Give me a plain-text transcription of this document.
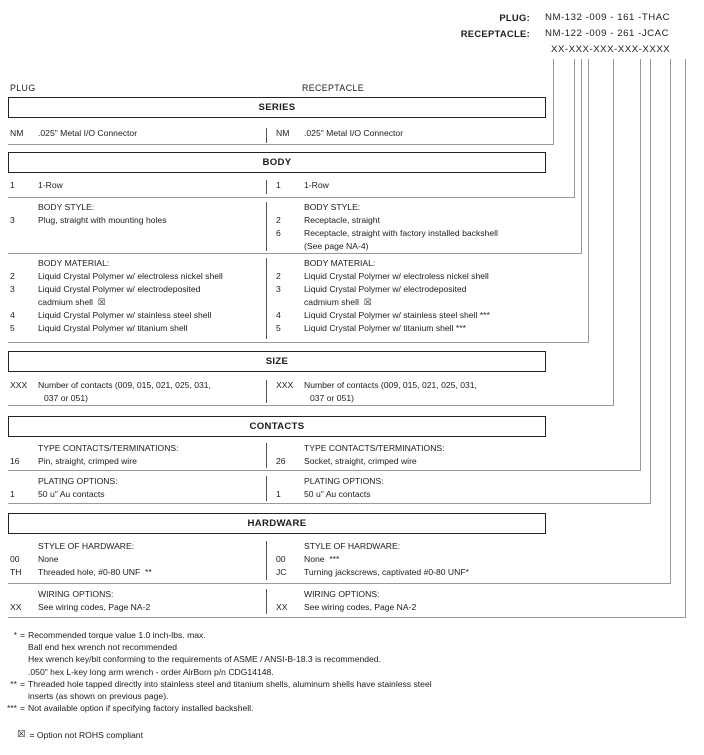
PLUG: NM-132 -009 - 161 -THAC
RECEPTACLE: NM-122 -009 - 261 -JCAC
XX-XXX-XXX-XXX-XXXX
PLUG	RECEPTACLE
SERIES
NM	.025" Metal I/O Connector	NM	.025" Metal I/O Connector
BODY
1	1-Row	1	1-Row
BODY STYLE:
3	Plug, straight with mounting holes
BODY STYLE:
2	Receptacle, straight
6	Receptacle, straight with factory installed backshell
(See page NA-4)
BODY MATERIAL:
2	Liquid Crystal Polymer w/ electroless nickel shell
3	Liquid Crystal Polymer w/ electrodeposited
cadmium shell  ☒
4	Liquid Crystal Polymer w/ stainless steel shell
5	Liquid Crystal Polymer w/ titanium shell
BODY MATERIAL:
2	Liquid Crystal Polymer w/ electroless nickel shell
3	Liquid Crystal Polymer w/ electrodeposited
cadmium shell  ☒
4	Liquid Crystal Polymer w/ stainless steel shell ***
5	Liquid Crystal Polymer w/ titanium shell ***
SIZE
XXX	Number of contacts (009, 015, 021, 025, 031,
037 or 051)
XXX	Number of contacts (009, 015, 021, 025, 031,
037 or 051)
CONTACTS
TYPE CONTACTS/TERMINATIONS:
16	Pin, straight, crimped wire
TYPE CONTACTS/TERMINATIONS:
26	Socket, straight, crimped wire
PLATING OPTIONS:
1	50 u" Au contacts
PLATING OPTIONS:
1	50 u" Au contacts
HARDWARE
STYLE OF HARDWARE:
00	None
TH	Threaded hole, #0-80 UNF  **
STYLE OF HARDWARE:
00	None  ***
JC	Turning jackscrews, captivated #0-80 UNF*
WIRING OPTIONS:
XX	See wiring codes, Page NA-2
WIRING OPTIONS:
XX	See wiring codes, Page NA-2
* = Recommended torque value 1.0 inch-lbs. max.
Ball end hex wrench not recommended
Hex wrench key/bit conforming to the requirements of ASME / ANSI-B-18.3 is recommended.
.050" hex L-key long arm wrench - order AirBorn p/n CDG14148.
** = Threaded hole tapped directly into stainless steel and titanium shells, aluminum shells have stainless steel
inserts (as shown on previous page).
*** = Not available option if specifying factory installed backshell.
☒ = Option not ROHS compliant
